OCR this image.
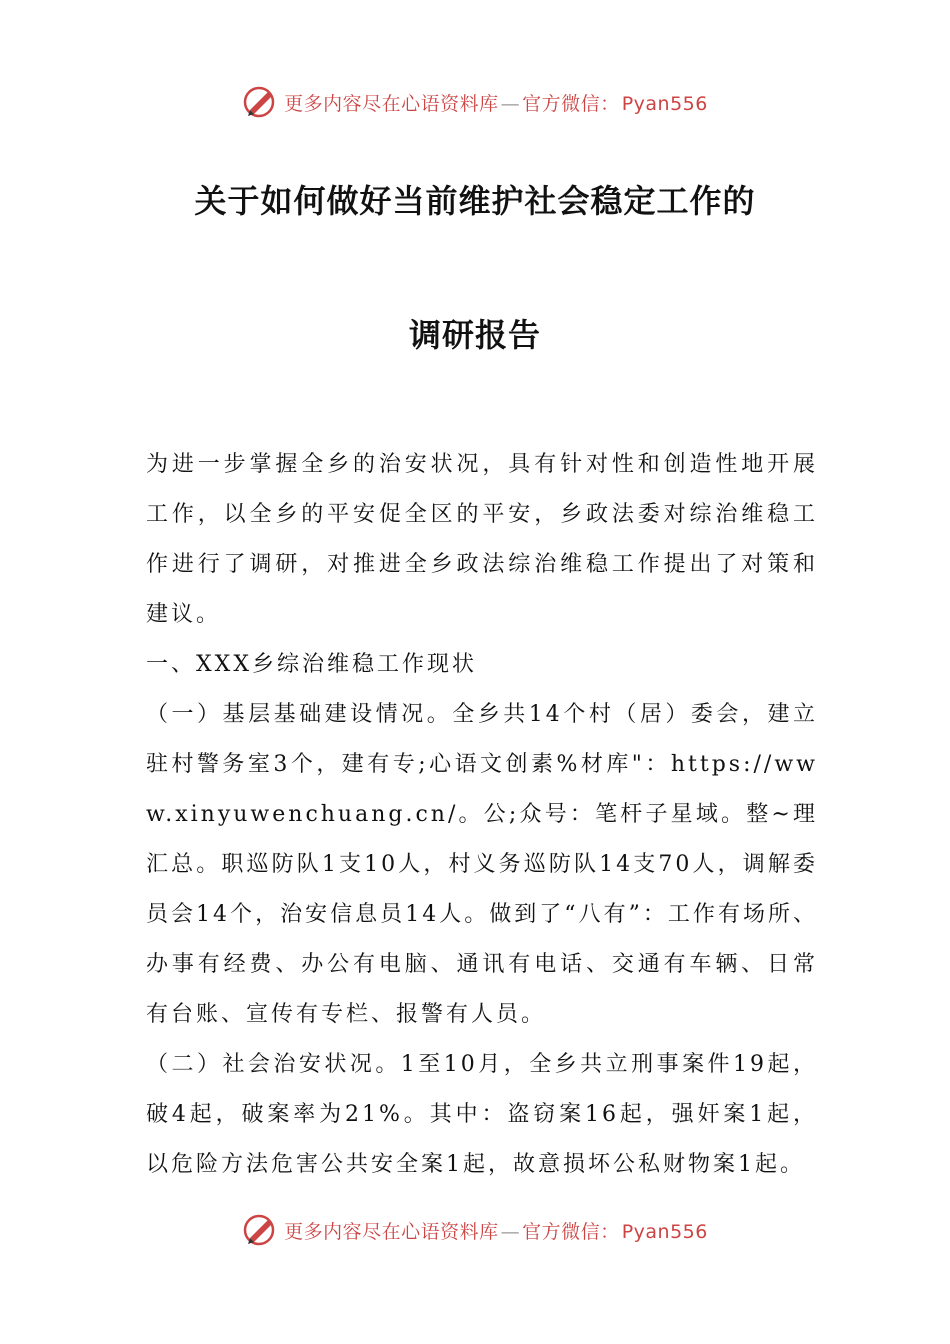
更多内容尽在心语资料库 — 官方微信： Pyan556
关于如何做好当前维护社会稳定工作的
调研报告

为进一步掌握全乡的治安状况，具有针对性和创造性地开展工作，以全乡的平安促全区的平安，乡政法委对综治维稳工作进行了调研，对推进全乡政法综治维稳工作提出了对策和建议。

一、XXX乡综治维稳工作现状

（一）基层基础建设情况。全乡共14个村（居）委会，建立驻村警务室3个，建有专;心语文创素%材库"：https://www.xinyuwenchuang.cn/。公;众号：笔杆子星域。整~理汇总。职巡防队1支10人，村义务巡防队14支70人，调解委员会14个，治安信息员14人。做到了“八有”：工作有场所、办事有经费、办公有电脑、通讯有电话、交通有车辆、日常有台账、宣传有专栏、报警有人员。

（二）社会治安状况。1至10月，全乡共立刑事案件19起，破4起，破案率为21%。其中：盗窃案16起，强奸案1起，以危险方法危害公共安全案1起，故意损坏公私财物案1起。

更多内容尽在心语资料库 — 官方微信： Pyan556
